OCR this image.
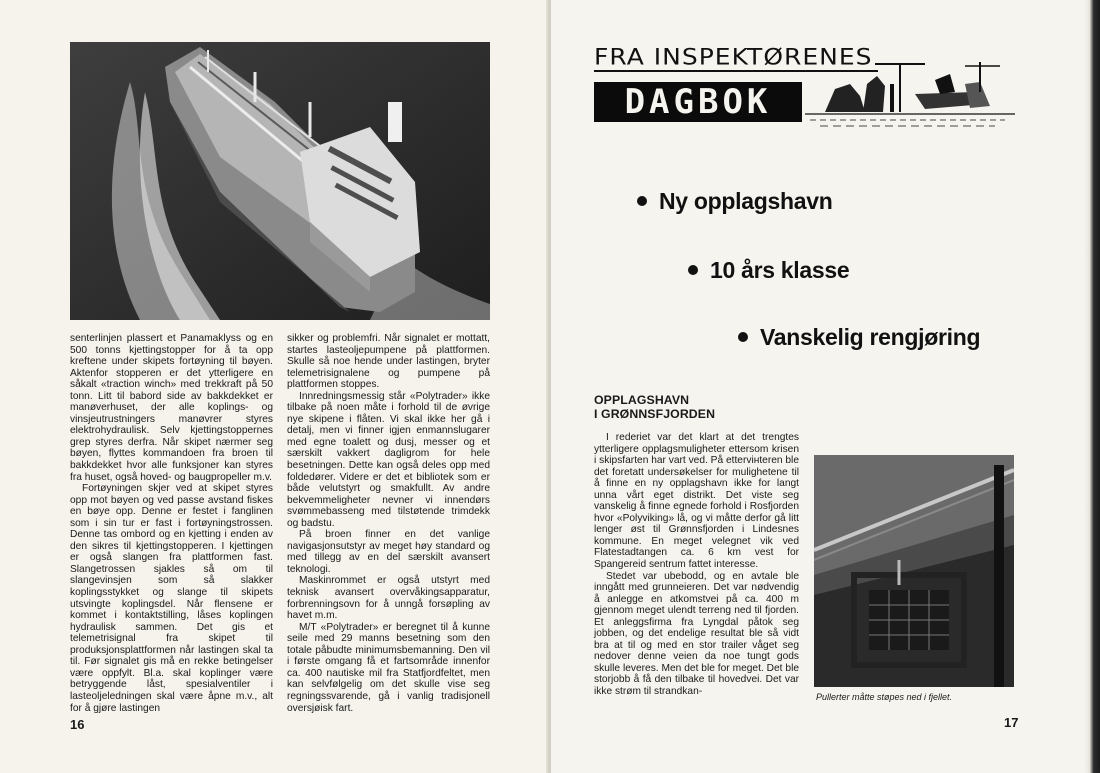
senterlinjen plassert et Panamaklyss og en 500 tonns kjettingstopper for å ta opp kreftene under skipets fortøyning til bøyen. Aktenfor stopperen er det ytterligere en såkalt «traction winch» med trekkraft på 50 tonn. Litt til babord side av bakkdekket er manøverhuset, der alle koplings- og vinsjeutrustningers manøvrer styres elektrohydraulisk. Selv kjettingstoppernes grep styres derfra. Når skipet nærmer seg bøyen, flyttes kommandoen fra broen til bakkdekket hvor alle funksjoner kan styres fra huset, også hoved- og baugpropeller m.v.

Fortøyningen skjer ved at skipet styres opp mot bøyen og ved passe avstand fiskes en bøye opp. Denne er festet i fanglinen som i sin tur er fast i fortøyningstrossen. Denne tas ombord og en kjetting i enden av den sikres til kjettingstopperen. I kjettingen er også slangen fra plattformen fast. Slangetrossen sjakles så om til slangevinsjen som så slakker koplingsstykket og slange til skipets utsvingte koplingsdel. Når flensene er kommet i kontaktstilling, låses koplingen hydraulisk sammen. Det gis et telemetrisignal fra skipet til produksjonsplattformen når lastingen skal ta til. Før signalet gis må en rekke betingelser være oppfylt. Bl.a. skal koplinger være betryggende låst, spesialventiler i lasteoljeledningen skal være åpne m.v., alt for å gjøre lastingen

sikker og problemfri. Når signalet er mottatt, startes lasteoljepumpene på plattformen. Skulle så noe hende under lastingen, bryter telemetrisignalene og pumpene på plattformen stoppes.

Innredningsmessig står «Polytrader» ikke tilbake på noen måte i forhold til de øvrige nye skipene i flåten. Vi skal ikke her gå i detalj, men vi finner igjen enmannslugarer med egne toalett og dusj, messer og et særskilt vakkert dagligrom for hele besetningen. Dette kan også deles opp med foldedører. Videre er det et bibliotek som er både velutstyrt og smakfullt. Av andre bekvemmeligheter nevner vi innendørs svømmebasseng med tilstøtende trimdekk og badstu.

På broen finner en det vanlige navigasjonsutstyr av meget høy standard og med tillegg av en del særskilt avansert teknologi.

Maskinrommet er også utstyrt med teknisk avansert overvåkingsapparatur, forbrenningsovn for å unngå forsøpling av havet m.m.

M/T «Polytrader» er beregnet til å kunne seile med 29 manns besetning som den totale påbudte minimumsbemanning. Den vil i første omgang få et fartsområde innenfor ca. 400 nautiske mil fra Statfjordfeltet, men kan selvfølgelig om det skulle vise seg regningssvarende, gå i vanlig tradisjonell oversjøisk fart.

16
FRA INSPEKTØRENES
DAGBOK
Ny opplagshavn
10 års klasse
Vanskelig rengjøring
OPPLAGSHAVN
I GRØNNSFJORDEN

I rederiet var det klart at det trengtes ytterligere opplagsmuligheter ettersom krisen i skipsfarten har vart ved. På etterviнteren ble det foretatt undersøkelser for mulighetene til å finne en ny opplagshavn ikke for langt unna vårt eget distrikt. Det viste seg vanskelig å finne egnede forhold i Rosfjorden hvor «Polyviking» lå, og vi måtte derfor gå litt lenger øst til Grønnsfjorden i Lindesnes kommune. En meget velegnet vik ved Flatestadtangen ca. 6 km vest for Spangereid sentrum fattet interesse.

Stedet var ubebodd, og en avtale ble inngått med grunneieren. Det var nødvendig å anlegge en atkomstvei på ca. 400 m gjennom meget ulendt terreng ned til fjorden. Et anleggsfirma fra Lyngdal påtok seg jobben, og det endelige resultat ble så vidt bra at til og med en stor trailer våget seg nedover denne veien da noe tungt gods skulle leveres. Men det ble for meget. Det ble storjobb å få den tilbake til hovedvei. Det var ikke strøm til strandkan-	Pullerter måtte støpes ned i fjellet.
17
